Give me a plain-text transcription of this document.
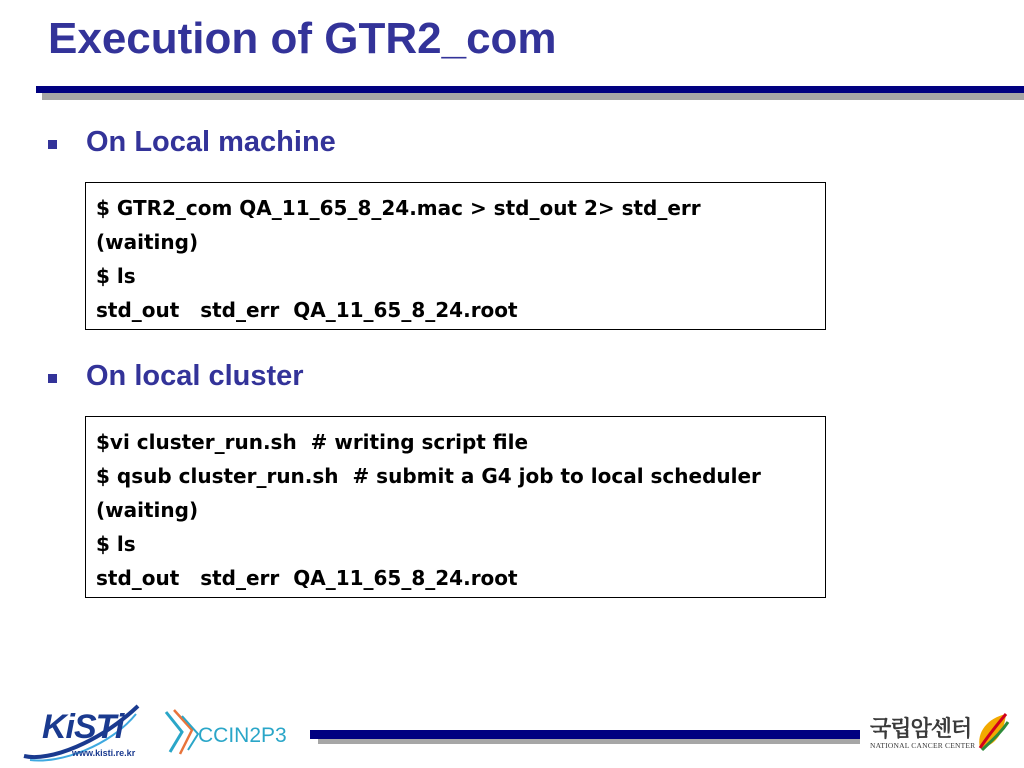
Execution of GTR2_com
On Local machine
$ GTR2_com QA_11_65_8_24.mac > std_out 2> std_err
(waiting)
$ ls
std_out   std_err  QA_11_65_8_24.root
On local cluster
$vi cluster_run.sh  # writing script file
$ qsub cluster_run.sh  # submit a G4 job to local scheduler
(waiting)
$ ls
std_out   std_err  QA_11_65_8_24.root
KiSTi
www.kisti.re.kr
CCIN2P3	국립암센터
NATIONAL CANCER CENTER
